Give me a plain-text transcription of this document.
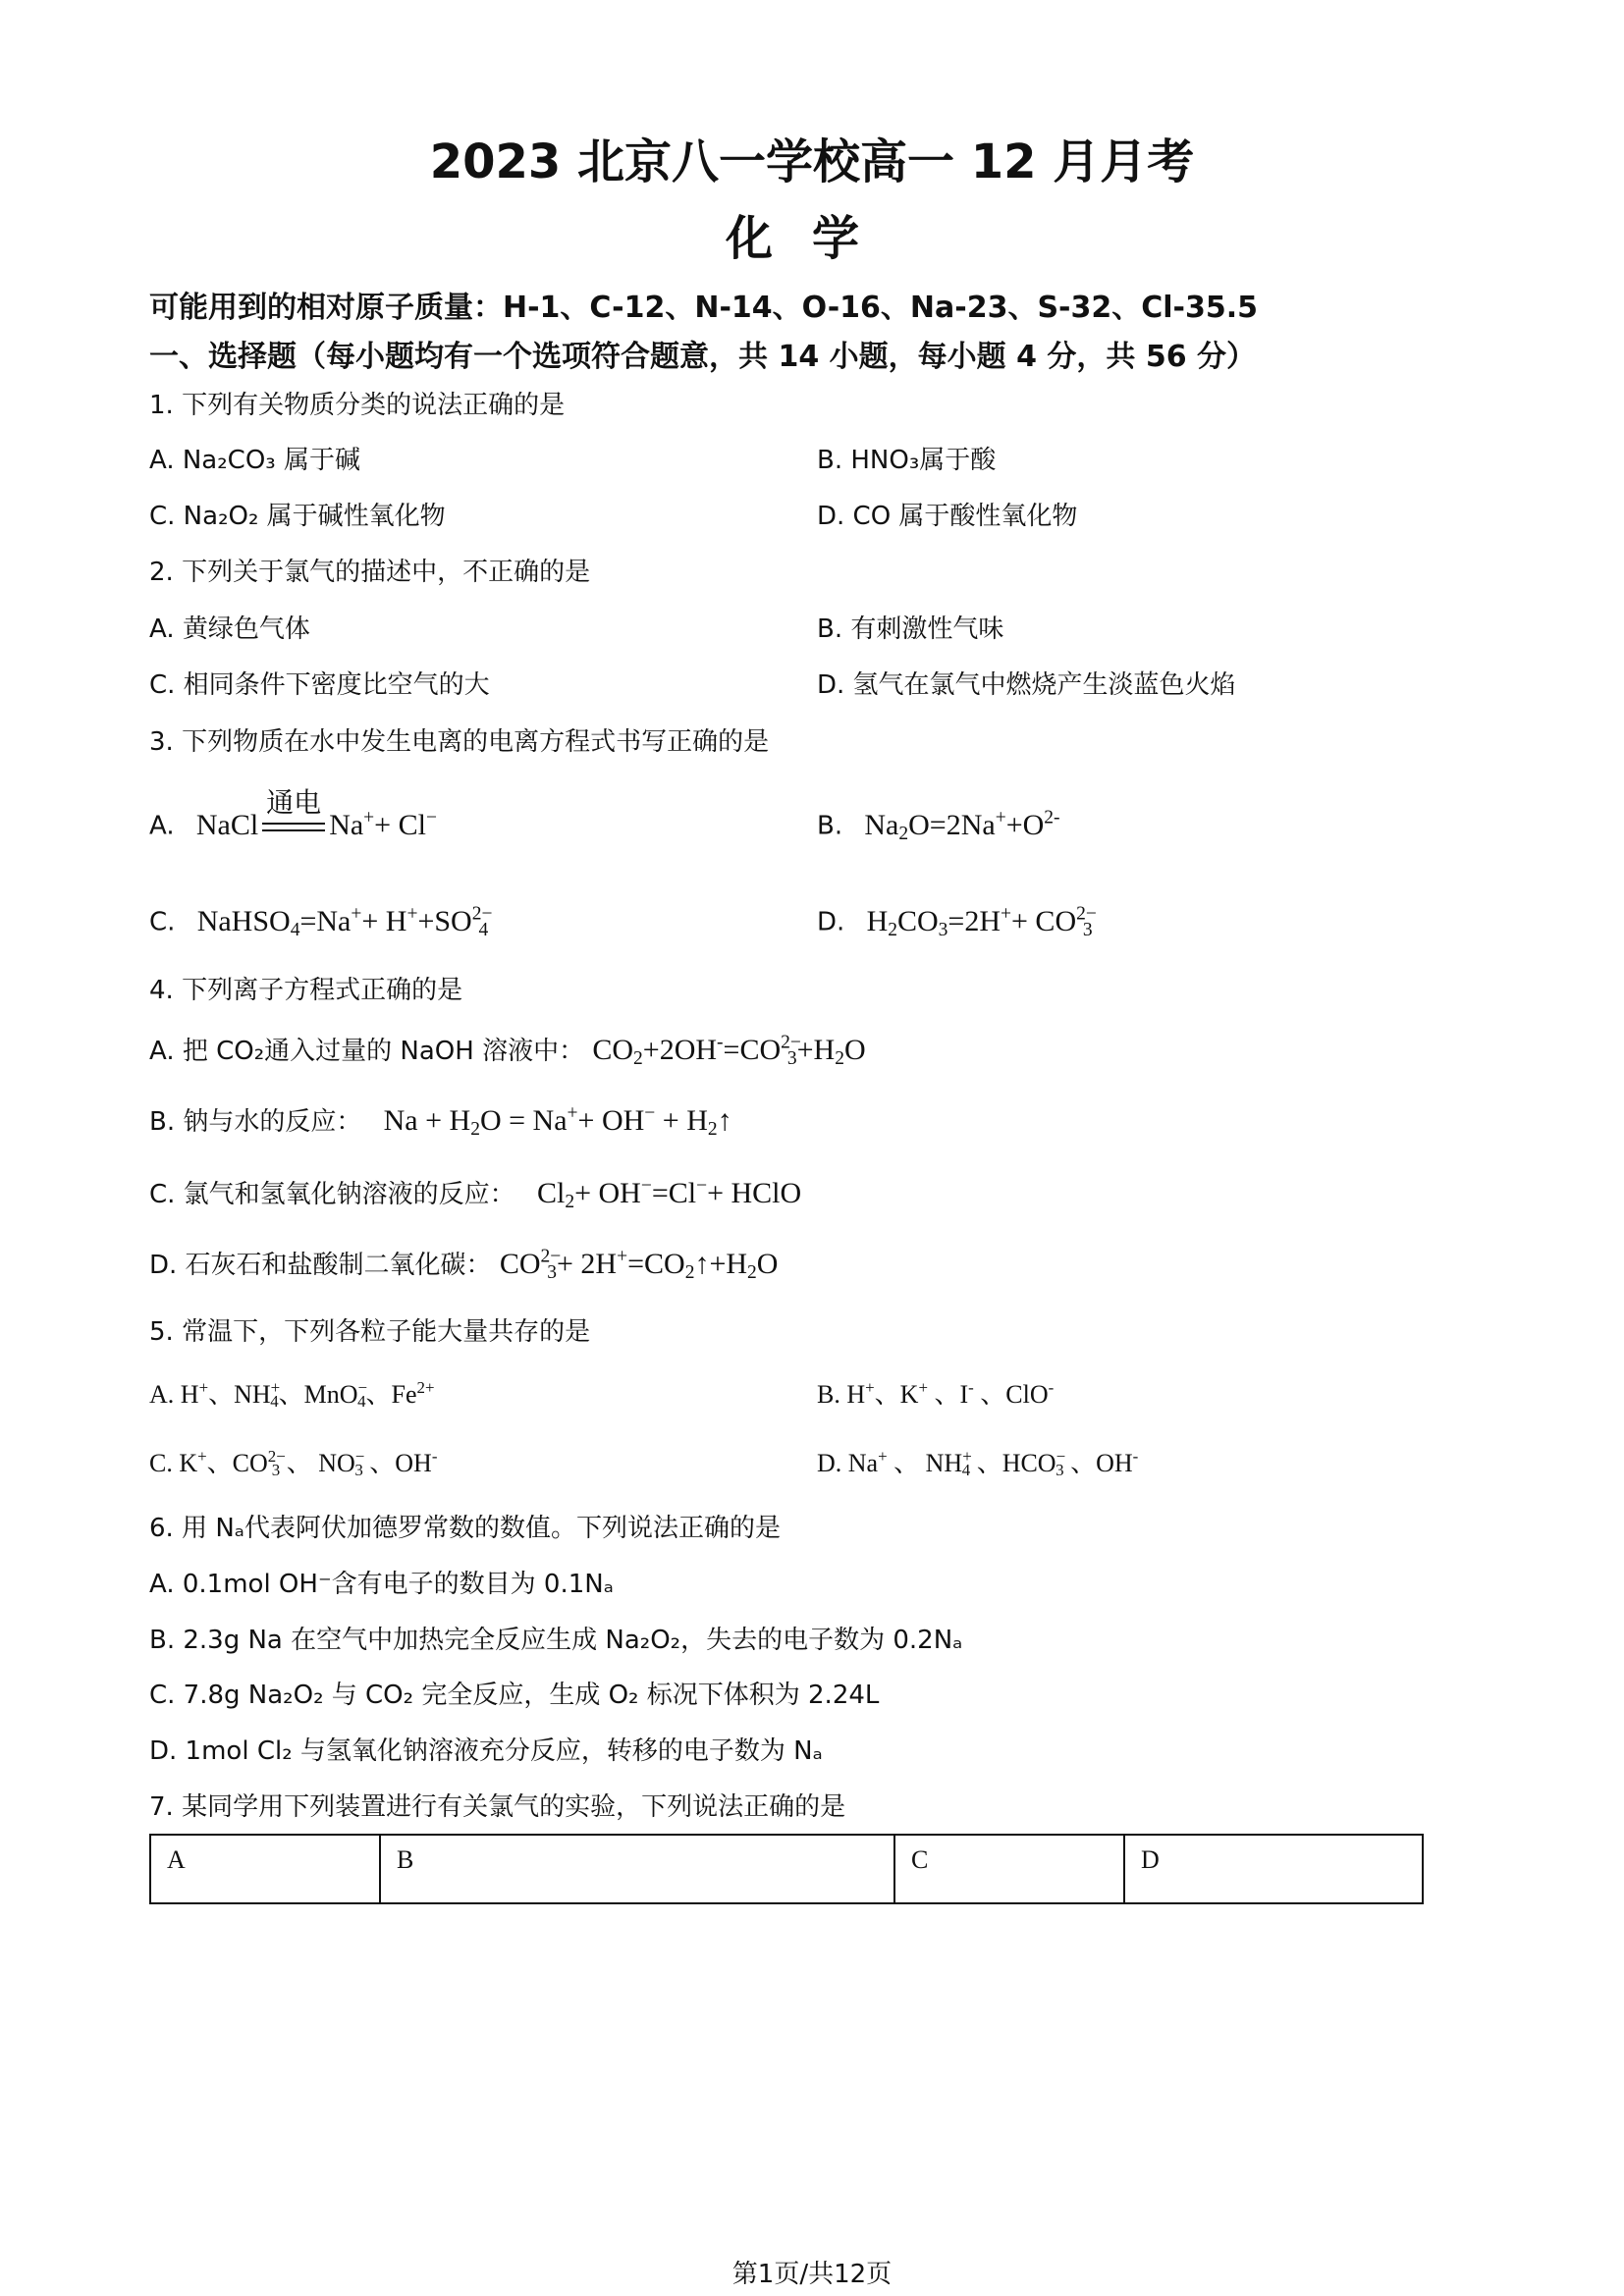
2023 北京八一学校高一 12 月月考
化学
可能用到的相对原子质量：H-1、C-12、N-14、O-16、Na-23、S-32、Cl-35.5
一、选择题（每小题均有一个选项符合题意，共 14 小题，每小题 4 分，共 56 分）
1. 下列有关物质分类的说法正确的是
A. Na₂CO₃ 属于碱	B. HNO₃属于酸
C. Na₂O₂ 属于碱性氧化物	D. CO 属于酸性氧化物
2. 下列关于氯气的描述中，不正确的是
A. 黄绿色气体	B. 有刺激性气味
C. 相同条件下密度比空气的大	D. 氢气在氯气中燃烧产生淡蓝色火焰
3. 下列物质在水中发生电离的电离方程式书写正确的是
A. NaCl
通电
Na++ Cl−	B. $Na_2O=2Na^++O^{2-}$
C. NaHSO$_4$=Na++ $H^++SO^{2-}_4$	D. $H_2CO_3=2H^++ CO^{2-}_3$
4. 下列离子方程式正确的是
A. 把 CO₂通入过量的 NaOH 溶液中： $CO_2+2OH^-=CO^{2-}_3+H_2O$
B. 钠与水的反应： $Na + H_2O = Na^++ OH^-$ + $H_2↑$
C. 氯气和氢氧化钠溶液的反应： $Cl_2+ OH^-=Cl^-+$ HClO
D. 石灰石和盐酸制二氧化碳： $CO^{2-}_3+$ $2H^+=CO_2↑+H_2O$
5. 常温下，下列各粒子能大量共存的是
A. H+、$NH^+_4$、MnO−$_4$、$Fe^{2+}$	B. H+、K+ 、I- 、ClO-
C. K+、$CO^{2-}_3$ 、 $NO^-_3$ 、OH-	D. Na+ 、 $NH^+_4$ 、$HCO^-_3$ 、OH-
6. 用 Nₐ代表阿伏加德罗常数的数值。下列说法正确的是
A. 0.1mol OH⁻含有电子的数目为 0.1Nₐ
B. 2.3g Na 在空气中加热完全反应生成 Na₂O₂，失去的电子数为 0.2Nₐ
C. 7.8g Na₂O₂ 与 CO₂ 完全反应，生成 O₂ 标况下体积为 2.24L
D. 1mol Cl₂ 与氢氧化钠溶液充分反应，转移的电子数为 Nₐ
7. 某同学用下列装置进行有关氯气的实验，下列说法正确的是
A	B	C	D
第1页/共12页
